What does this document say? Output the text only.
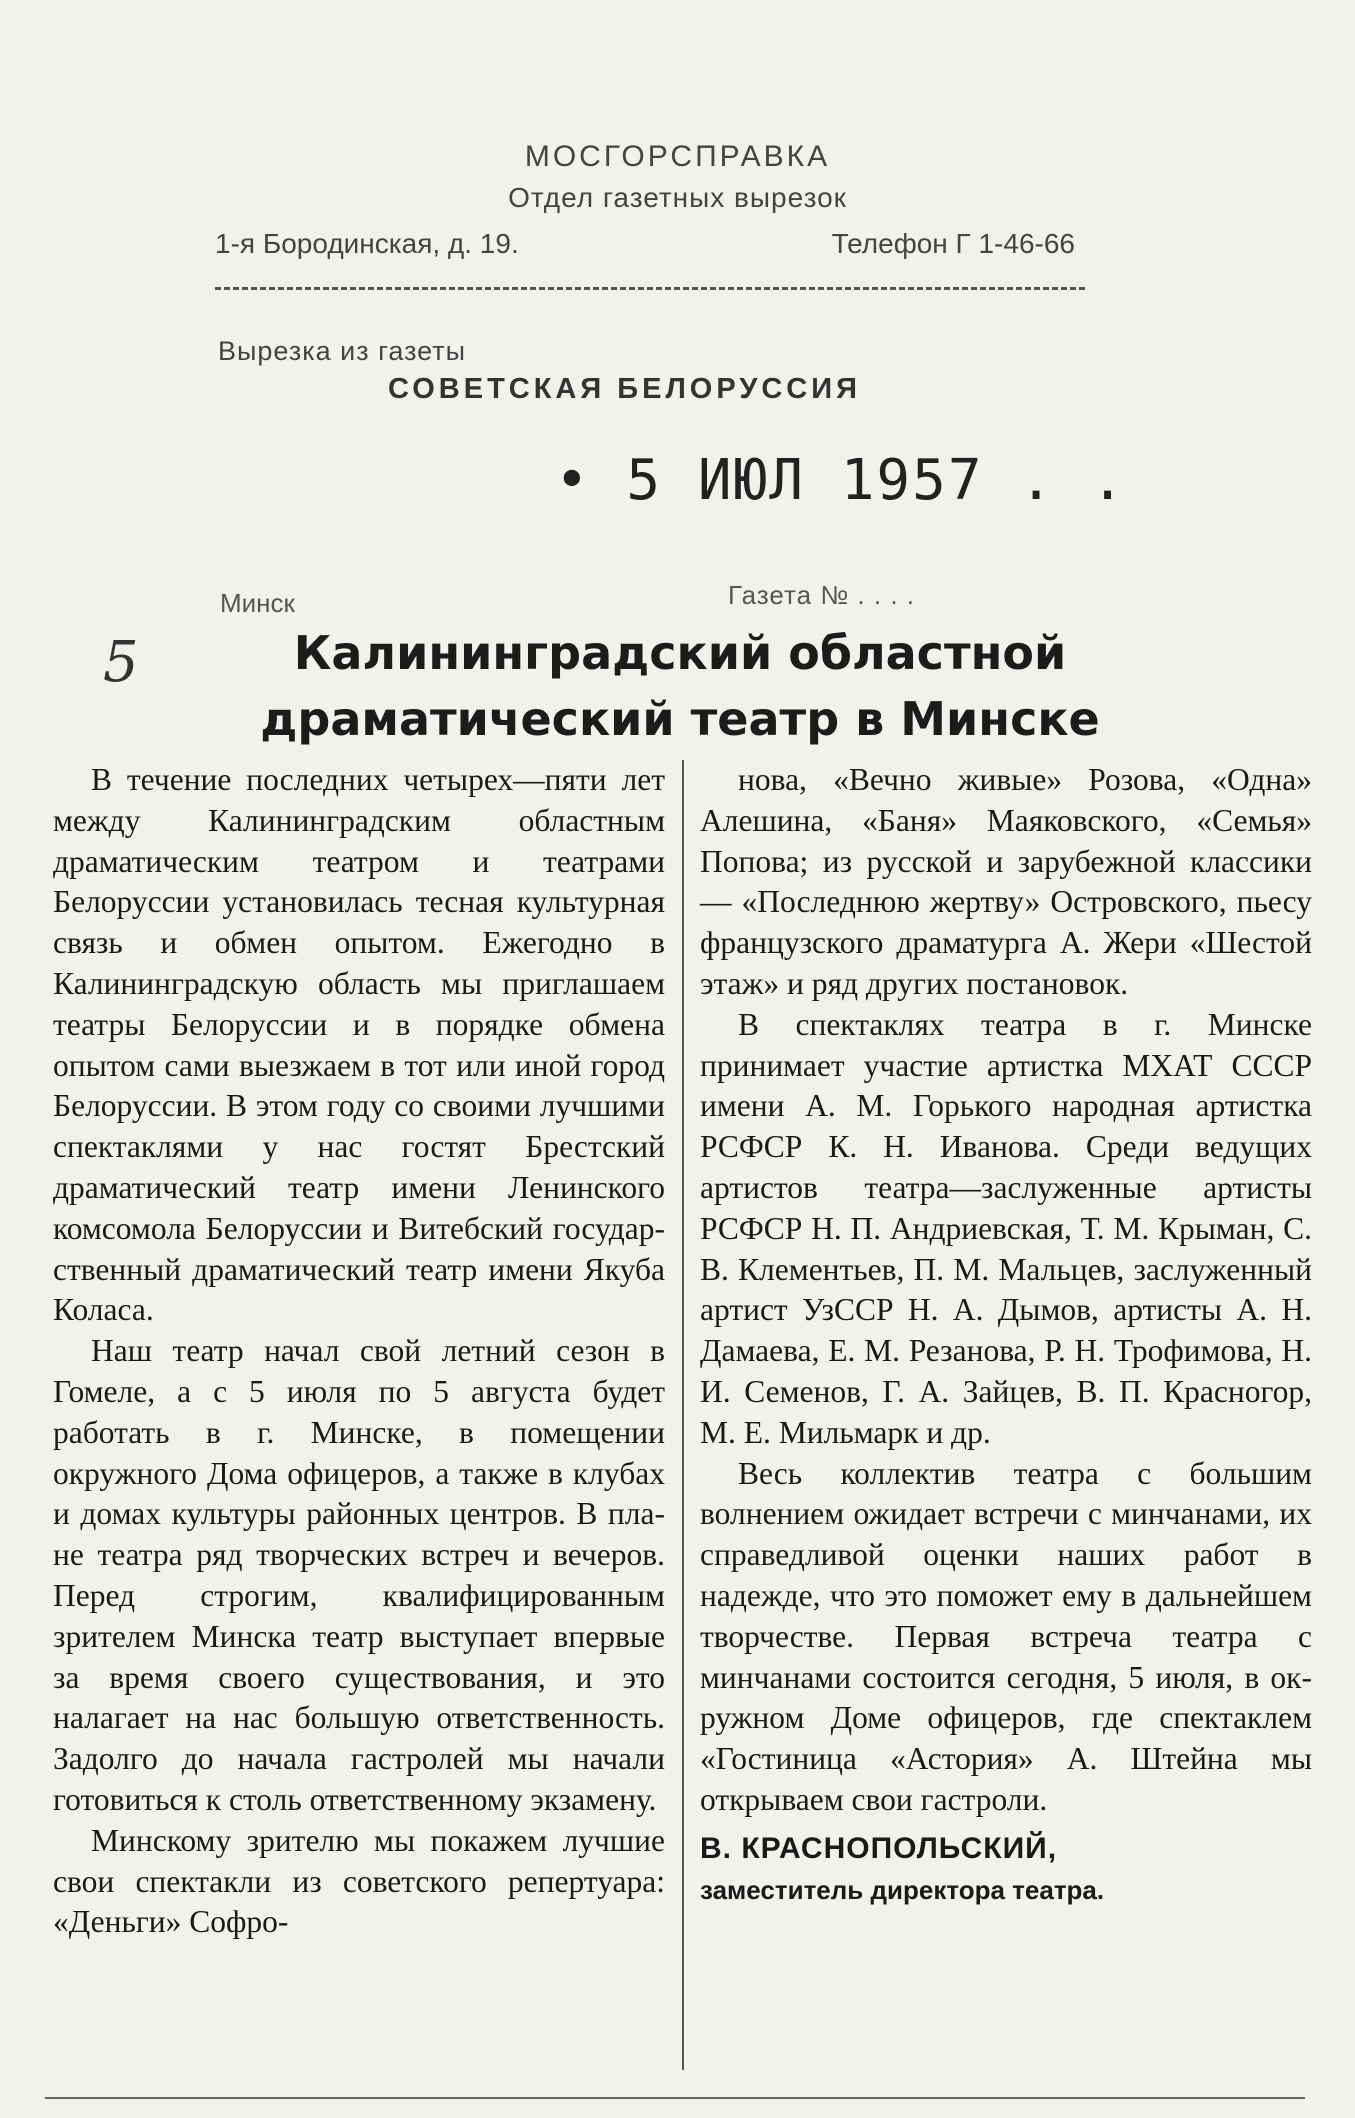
МОСГОРСПРАВКА
Отдел газетных вырезок
1-я Бородинская, д. 19.	Телефон Г 1-46-66
Вырезка из газеты
СОВЕТСКАЯ БЕЛОРУССИЯ
• 5 ИЮЛ 1957 . .
Минск	Газета № . . . .
5	Калининградский областной
драматический театр в Минске

В течение последних четырех—пяти лет между Калининградским областным драматическим театром и театрами Белоруссии установилась тесная культурная связь и обмен опытом. Ежегодно в Калининградскую область мы приглашаем театры Белоруссии и в порядке обмена опытом сами выезжаем в тот или иной город Белоруссии. В этом году со своими лучшими спектаклями у нас гостят Брестский драматический театр имени Ленинского комсомола Белоруссии и Витебский государственный драматический театр имени Якуба Коласа.

Наш театр начал свой летний сезон в Гомеле, а с 5 июля по 5 августа будет работать в г. Минске, в помещении окружного Дома офицеров, а также в клубах и домах культуры районных центров. В плане театра ряд творческих встреч и вечеров. Перед строгим, квалифицированным зрителем Минска театр выступает впервые за время своего существования, и это налагает на нас большую ответственность. Задолго до начала гастролей мы начали готовиться к столь ответственному экзамену.

Минскому зрителю мы покажем лучшие свои спектакли из советского репертуара: «Деньги» Софро-

нова, «Вечно живые» Розова, «Одна» Алешина, «Баня» Маяковского, «Семья» Попова; из русской и зарубежной классики — «Последнюю жертву» Островского, пьесу французского драматурга А. Жери «Шестой этаж» и ряд других постановок.

В спектаклях театра в г. Минске принимает участие артистка МХАТ СССР имени А. М. Горького народная артистка РСФСР К. Н. Иванова. Среди ведущих артистов театра—заслуженные артисты РСФСР Н. П. Андриевская, Т. М. Крыман, С. В. Клементьев, П. М. Мальцев, заслуженный артист УзССР Н. А. Дымов, артисты А. Н. Дамаева, Е. М. Резанова, Р. Н. Трофимова, Н. И. Семенов, Г. А. Зайцев, В. П. Красногор, М. Е. Мильмарк и др.

Весь коллектив театра с большим волнением ожидает встречи с минчанами, их справедливой оценки наших работ в надежде, что это поможет ему в дальнейшем творчестве. Первая встреча театра с минчанами состоится сегодня, 5 июля, в окружном Доме офицеров, где спектаклем «Гостиница «Астория» А. Штейна мы открываем свои гастроли.

В. КРАСНОПОЛЬСКИЙ,

заместитель директора театра.
